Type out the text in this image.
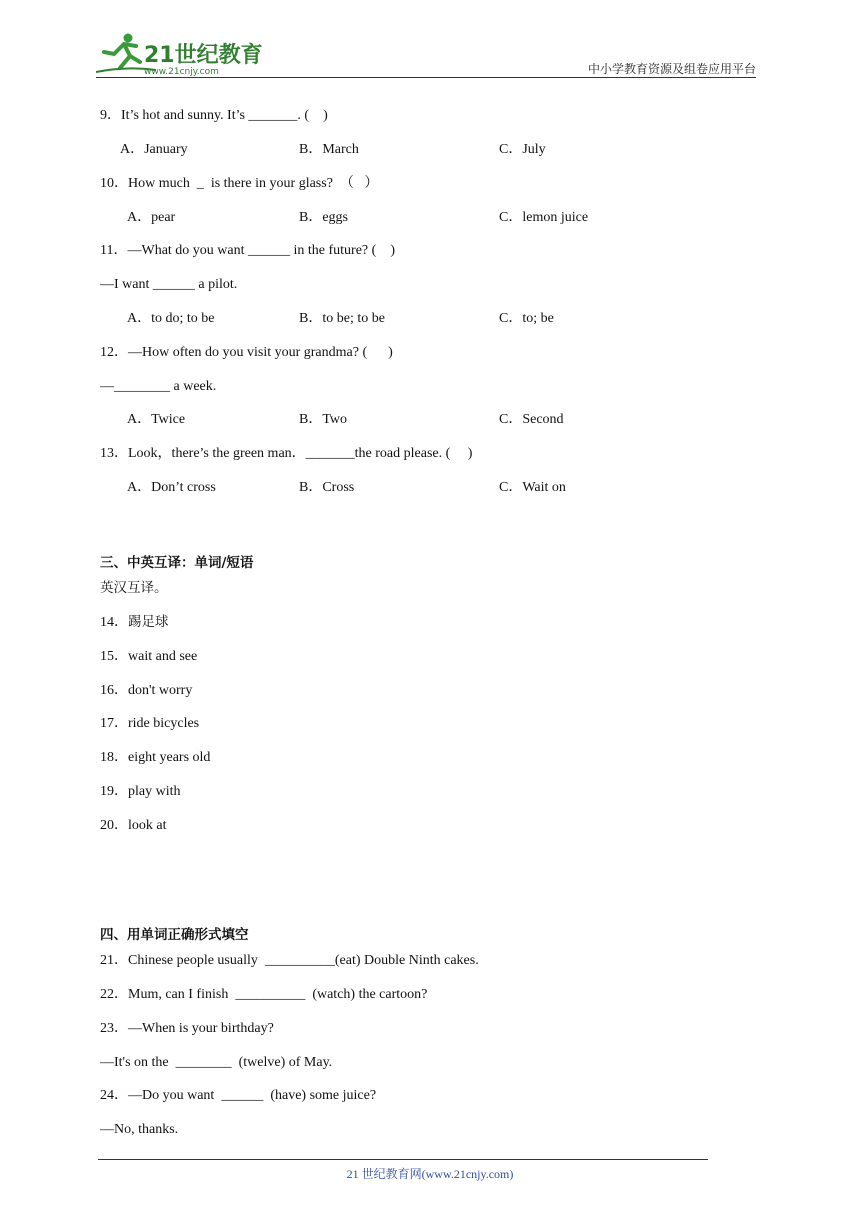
21世纪教育
www.21cnjy.com	中小学教育资源及组卷应用平台
9．It’s hot and sunny. It’s _______. (    )
A．January	B．March	C．July
10．How much  _  is there in your glass?  （   ）
A．pear	B．eggs	C．lemon juice
11．—What do you want ______ in the future? (    )
—I want ______ a pilot.
A．to do; to be	B．to be; to be	C．to; be
12．—How often do you visit your grandma? (      )
—________ a week.
A．Twice	B．Two	C．Second
13．Look，there’s the green man．_______the road please. (     )
A．Don’t cross	B．Cross	C．Wait on
三、中英互译：单词/短语
英汉互译。
14．踢足球
15．wait and see
16．don't worry
17．ride bicycles
18．eight years old
19．play with
20．look at
四、用单词正确形式填空
21．Chinese people usually  __________(eat) Double Ninth cakes.
22．Mum, can I finish  __________  (watch) the cartoon?
23．—When is your birthday?
—It's on the  ________  (twelve) of May.
24．—Do you want  ______  (have) some juice?
—No, thanks.
21 世纪教育网(www.21cnjy.com)
